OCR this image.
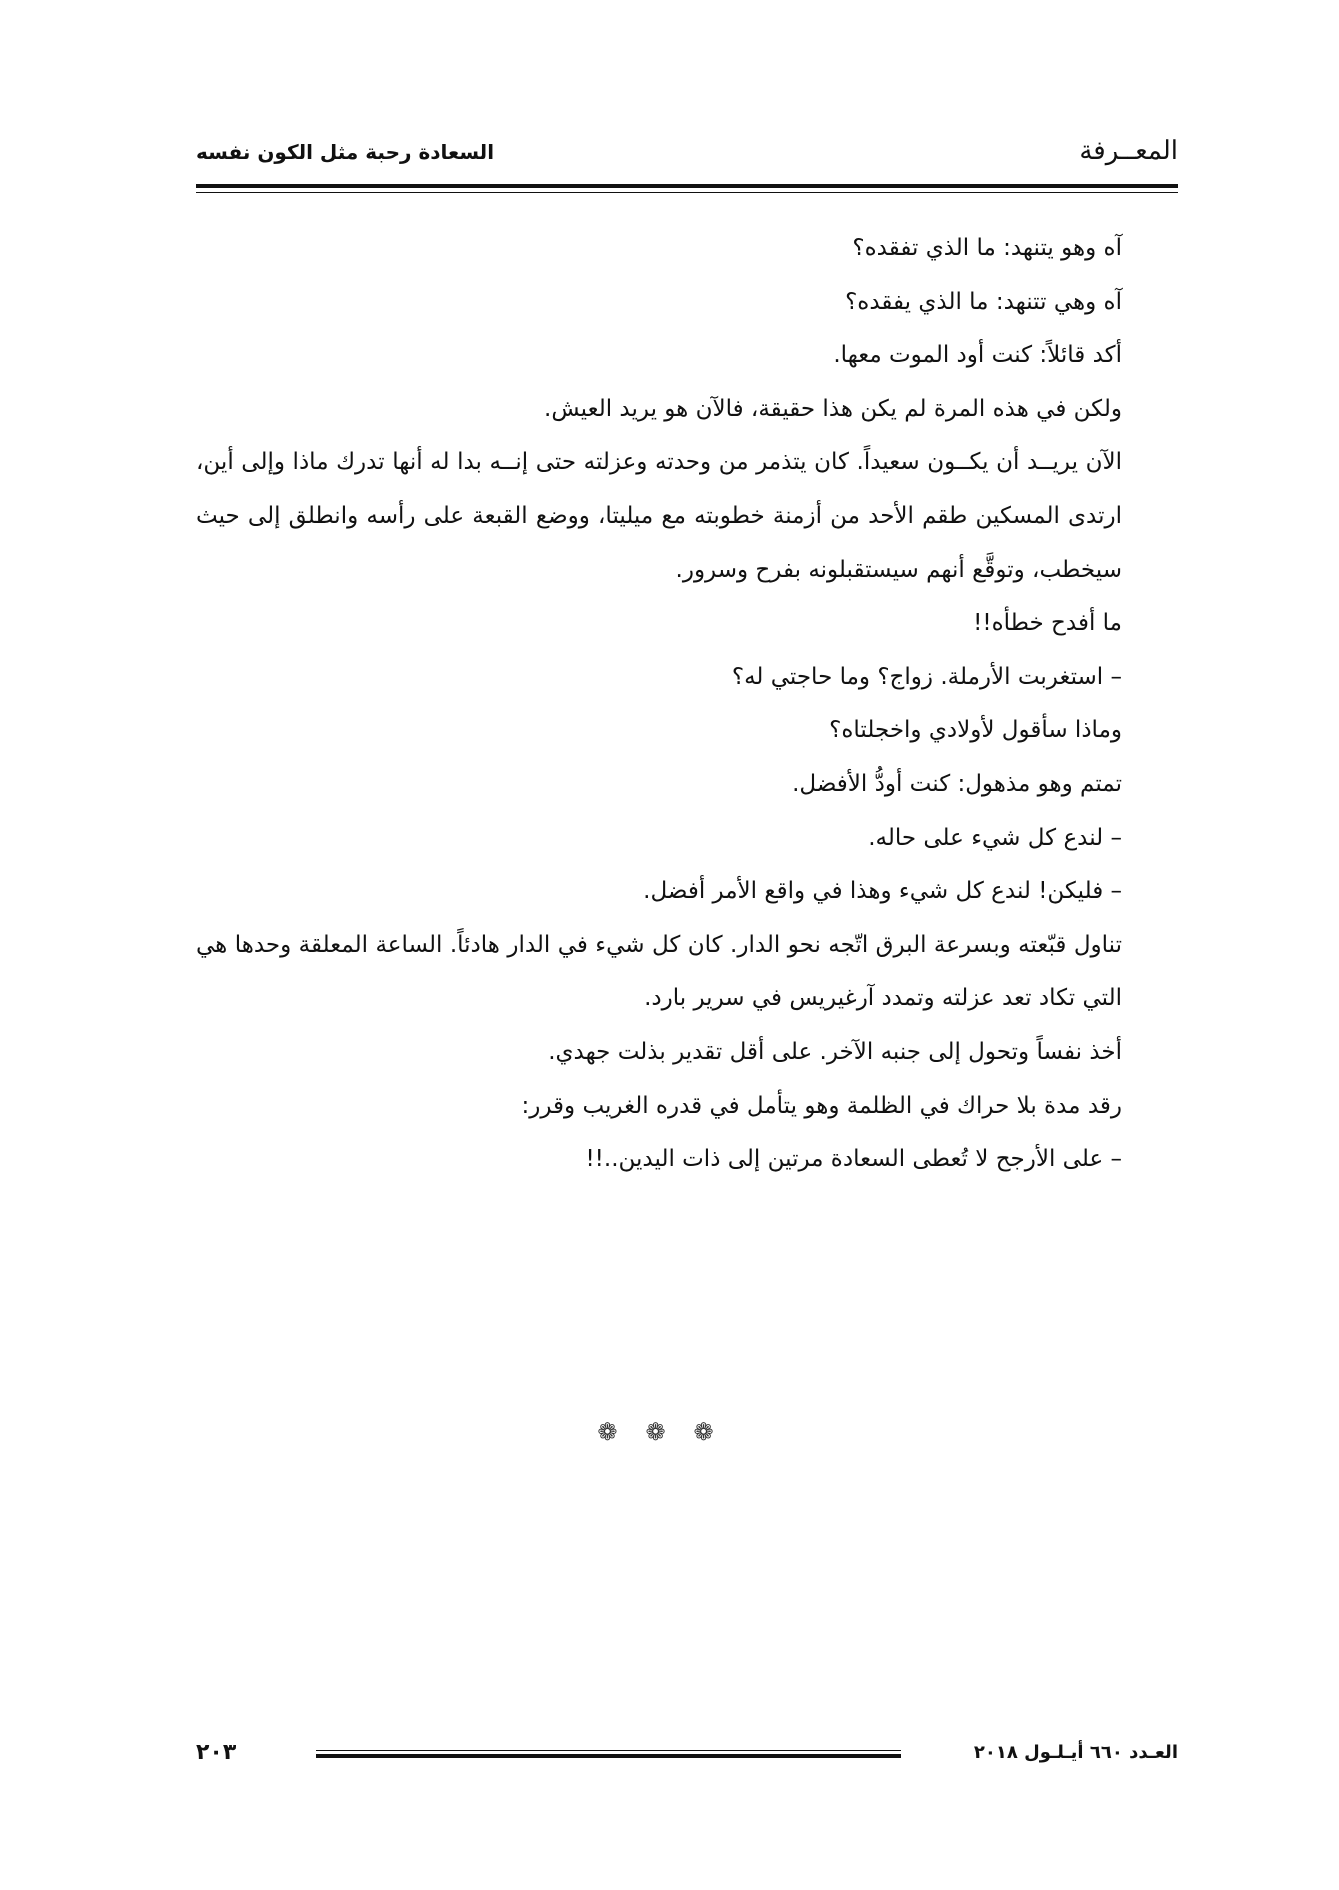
السعادة رحبة مثل الكون نفسه	المعــرفة

آه وهو يتنهد: ما الذي تفقده؟

آه وهي تتنهد: ما الذي يفقده؟

أكد قائلاً: كنت أود الموت معها.

ولكن في هذه المرة لم يكن هذا حقيقة، فالآن هو يريد العيش.

الآن يريــد أن يكــون سعيداً. كان يتذمر من وحدته وعزلته حتى إنــه بدا له أنها تدرك ماذا وإلى أين، ارتدى المسكين طقم الأحد من أزمنة خطوبته مع ميليتا، ووضع القبعة على رأسه وانطلق إلى حيث سيخطب، وتوقَّع أنهم سيستقبلونه بفرح وسرور.

ما أفدح خطأه!!

– استغربت الأرملة. زواج؟ وما حاجتي له؟

وماذا سأقول لأولادي واخجلتاه؟

تمتم وهو مذهول: كنت أودُّ الأفضل.

– لندع كل شيء على حاله.

– فليكن! لندع كل شيء وهذا في واقع الأمر أفضل.

تناول قبّعته وبسرعة البرق اتّجه نحو الدار. كان كل شيء في الدار هادئاً. الساعة المعلقة وحدها هي التي تكاد تعد عزلته وتمدد آرغيريس في سرير بارد.

أخذ نفساً وتحول إلى جنبه الآخر. على أقل تقدير بذلت جهدي.

رقد مدة بلا حراك في الظلمة وهو يتأمل في قدره الغريب وقرر:

– على الأرجح لا تُعطى السعادة مرتين إلى ذات اليدين..!!

❁❁❁
٢٠٣	العـدد ٦٦٠ أيـلـول ٢٠١٨
